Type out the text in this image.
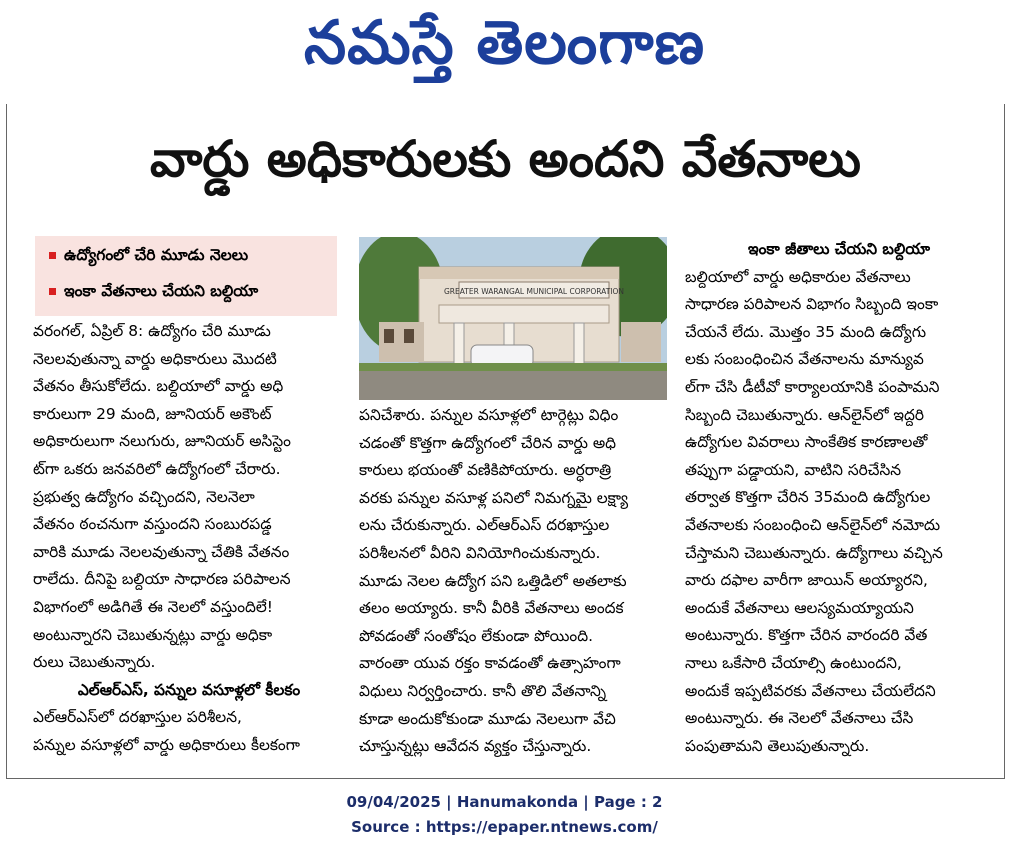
నమస్తే తెలంగాణ
వార్డు అధికారులకు అందని వేతనాలు
ఉద్యోగంలో చేరి మూడు నెలలు
ఇంకా వేతనాలు చేయని బల్దియా
వరంగల్, ఏప్రిల్ 8: ఉద్యోగం చేరి మూడు
నెలలవుతున్నా వార్డు అధికారులు మొదటి
వేతనం తీసుకోలేదు. బల్దియాలో వార్డు అధి
కారులుగా 29 మంది, జూనియర్ అకౌంట్
అధికారులుగా నలుగురు, జూనియర్ అసిస్టెం
ట్‌గా ఒకరు జనవరిలో ఉద్యోగంలో చేరారు.
ప్రభుత్వ ఉద్యోగం వచ్చిందని, నెలనెలా
వేతనం ఠంచనుగా వస్తుందని సంబురపడ్డ
వారికి మూడు నెలలవుతున్నా చేతికి వేతనం
రాలేదు. దీనిపై బల్దియా సాధారణ పరిపాలన
విభాగంలో అడిగితే ఈ నెలలో వస్తుందిలే!
అంటున్నారని చెబుతున్నట్లు వార్డు అధికా
రులు చెబుతున్నారు.
ఎల్‌ఆర్‌ఎస్, పన్నుల వసూళ్లలో కీలకం
ఎల్‌ఆర్‌ఎస్‌లో దరఖాస్తుల పరిశీలన,
పన్నుల వసూళ్లలో వార్డు అధికారులు కీలకంగా
GREATER WARANGAL MUNICIPAL CORPORATION
పనిచేశారు. పన్నుల వసూళ్లలో టార్గెట్లు విధిం
చడంతో కొత్తగా ఉద్యోగంలో చేరిన వార్డు అధి
కారులు భయంతో వణికిపోయారు. అర్ధరాత్రి
వరకు పన్నుల వసూళ్ల పనిలో నిమగ్నమై లక్ష్యా
లను చేరుకున్నారు. ఎల్‌ఆర్‌ఎస్ దరఖాస్తుల
పరిశీలనలో వీరిని వినియోగించుకున్నారు.
మూడు నెలల ఉద్యోగ పని ఒత్తిడిలో అతలాకు
తలం అయ్యారు. కానీ వీరికి వేతనాలు అందక
పోవడంతో సంతోషం లేకుండా పోయింది.
వారంతా యువ రక్తం కావడంతో ఉత్సాహంగా
విధులు నిర్వర్తించారు. కానీ తొలి వేతనాన్ని
కూడా అందుకోకుండా మూడు నెలలుగా వేచి
చూస్తున్నట్లు ఆవేదన వ్యక్తం చేస్తున్నారు.
ఇంకా జీతాలు చేయని బల్దియా
బల్దియాలో వార్డు అధికారుల వేతనాలు
సాధారణ పరిపాలన విభాగం సిబ్బంది ఇంకా
చేయనే లేదు. మొత్తం 35 మంది ఉద్యోగు
లకు సంబంధించిన వేతనాలను మాన్యువ
ల్‌గా చేసి డీటీవో కార్యాలయానికి పంపామని
సిబ్బంది చెబుతున్నారు. ఆన్‌లైన్‌లో ఇద్దరి
ఉద్యోగుల వివరాలు సాంకేతిక కారణాలతో
తప్పుగా పడ్డాయని, వాటిని సరిచేసిన
తర్వాత కొత్తగా చేరిన 35మంది ఉద్యోగుల
వేతనాలకు సంబంధించి ఆన్‌లైన్‌లో నమోదు
చేస్తామని చెబుతున్నారు. ఉద్యోగాలు వచ్చిన
వారు దఫాల వారీగా జాయిన్ అయ్యారని,
అందుకే వేతనాలు ఆలస్యమయ్యాయని
అంటున్నారు. కొత్తగా చేరిన వారందరి వేత
నాలు ఒకేసారి చేయాల్సి ఉంటుందని,
అందుకే ఇప్పటివరకు వేతనాలు చేయలేదని
అంటున్నారు. ఈ నెలలో వేతనాలు చేసి
పంపుతామని తెలుపుతున్నారు.
09/04/2025 | Hanumakonda | Page : 2
Source : https://epaper.ntnews.com/
